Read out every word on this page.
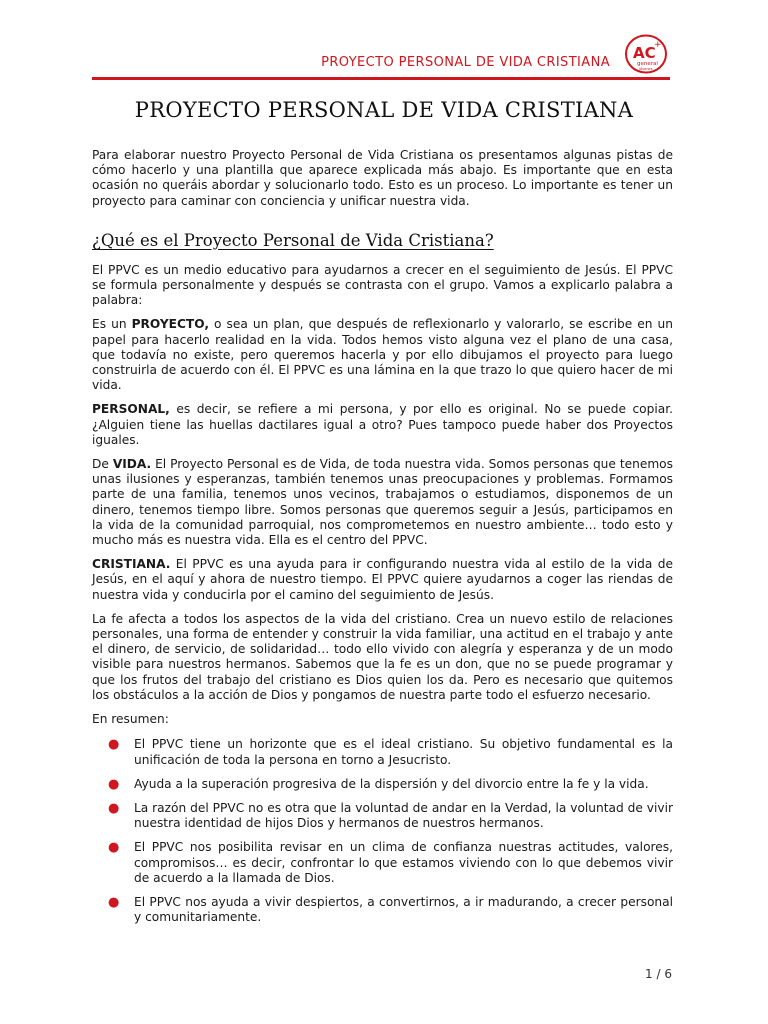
PROYECTO PERSONAL DE VIDA CRISTIANA
AC
+
general
jóvenes
PROYECTO PERSONAL DE VIDA CRISTIANA

Para elaborar nuestro Proyecto Personal de Vida Cristiana os presentamos algunas pistas de cómo hacerlo y una plantilla que aparece explicada más abajo. Es importante que en esta ocasión no queráis abordar y solucionarlo todo. Esto es un proceso. Lo importante es tener un proyecto para caminar con conciencia y unificar nuestra vida.

¿Qué es el Proyecto Personal de Vida Cristiana?

El PPVC es un medio educativo para ayudarnos a crecer en el seguimiento de Jesús. El PPVC se formula personalmente y después se contrasta con el grupo. Vamos a explicarlo palabra a palabra:

Es un PROYECTO, o sea un plan, que después de reflexionarlo y valorarlo, se escribe en un papel para hacerlo realidad en la vida. Todos hemos visto alguna vez el plano de una casa, que todavía no existe, pero queremos hacerla y por ello dibujamos el proyecto para luego construirla de acuerdo con él. El PPVC es una lámina en la que trazo lo que quiero hacer de mi vida.

PERSONAL, es decir, se refiere a mi persona, y por ello es original. No se puede copiar. ¿Alguien tiene las huellas dactilares igual a otro? Pues tampoco puede haber dos Proyectos iguales.

De VIDA. El Proyecto Personal es de Vida, de toda nuestra vida. Somos personas que tenemos unas ilusiones y esperanzas, también tenemos unas preocupaciones y problemas. Formamos parte de una familia, tenemos unos vecinos, trabajamos o estudiamos, disponemos de un dinero, tenemos tiempo libre. Somos personas que queremos seguir a Jesús, participamos en la vida de la comunidad parroquial, nos comprometemos en nuestro ambiente… todo esto y mucho más es nuestra vida. Ella es el centro del PPVC.

CRISTIANA. El PPVC es una ayuda para ir configurando nuestra vida al estilo de la vida de Jesús, en el aquí y ahora de nuestro tiempo. El PPVC quiere ayudarnos a coger las riendas de nuestra vida y conducirla por el camino del seguimiento de Jesús.

La fe afecta a todos los aspectos de la vida del cristiano. Crea un nuevo estilo de relaciones personales, una forma de entender y construir la vida familiar, una actitud en el trabajo y ante el dinero, de servicio, de solidaridad… todo ello vivido con alegría y esperanza y de un modo visible para nuestros hermanos. Sabemos que la fe es un don, que no se puede programar y que los frutos del trabajo del cristiano es Dios quien los da. Pero es necesario que quitemos los obstáculos a la acción de Dios y pongamos de nuestra parte todo el esfuerzo necesario.

En resumen:

● El PPVC tiene un horizonte que es el ideal cristiano. Su objetivo fundamental es la unificación de toda la persona en torno a Jesucristo.
● Ayuda a la superación progresiva de la dispersión y del divorcio entre la fe y la vida.
● La razón del PPVC no es otra que la voluntad de andar en la Verdad, la voluntad de vivir nuestra identidad de hijos Dios y hermanos de nuestros hermanos.
● El PPVC nos posibilita revisar en un clima de confianza nuestras actitudes, valores, compromisos… es decir, confrontar lo que estamos viviendo con lo que debemos vivir de acuerdo a la llamada de Dios.
● El PPVC nos ayuda a vivir despiertos, a convertirnos, a ir madurando, a crecer personal y comunitariamente.
1 / 6
